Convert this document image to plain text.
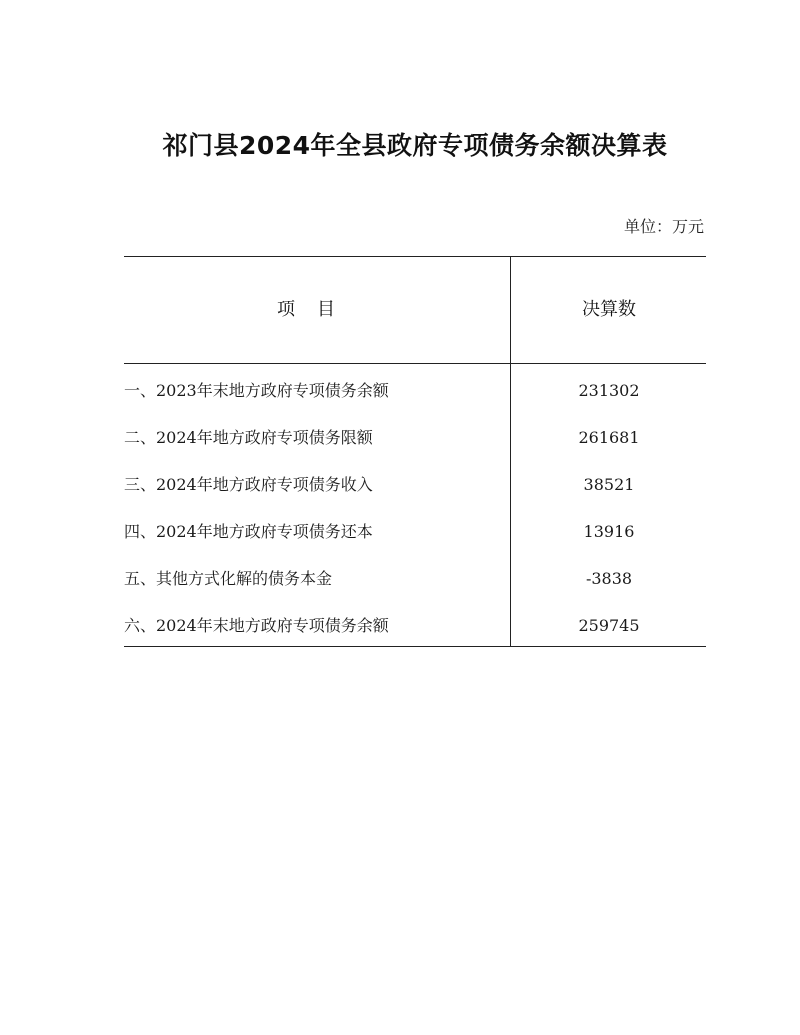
祁门县2024年全县政府专项债务余额决算表
单位：万元
项目	决算数
一、2023年末地方政府专项债务余额	231302
二、2024年地方政府专项债务限额	261681
三、2024年地方政府专项债务收入	38521
四、2024年地方政府专项债务还本	13916
五、其他方式化解的债务本金	-3838
六、2024年末地方政府专项债务余额	259745
